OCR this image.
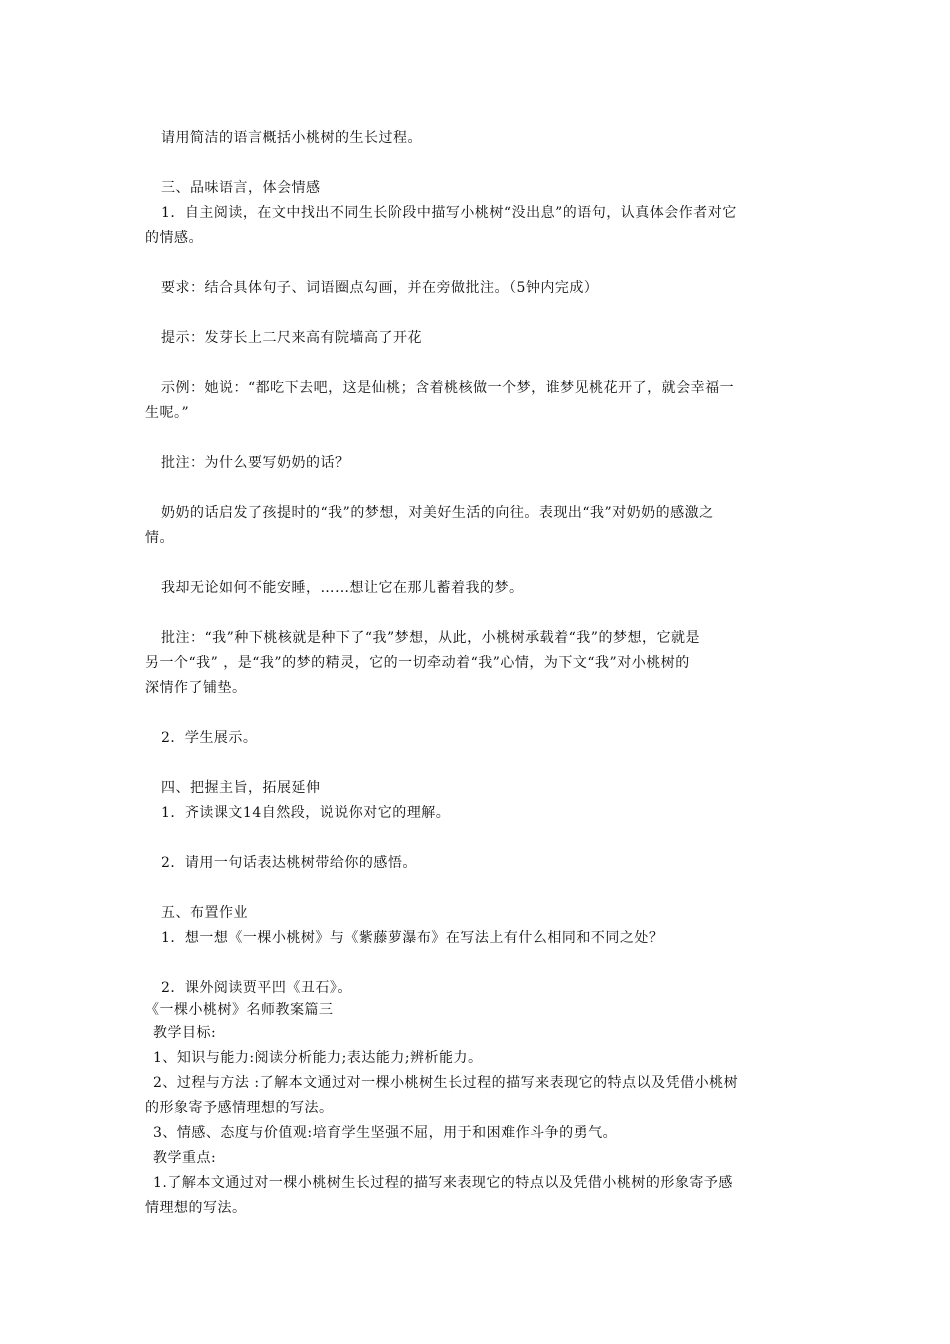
请用简洁的语言概括小桃树的生长过程。
三、品味语言，体会情感
1．自主阅读，在文中找出不同生长阶段中描写小桃树“没出息”的语句，认真体会作者对它
的情感。
要求：结合具体句子、词语圈点勾画，并在旁做批注。（5钟内完成）
提示：发芽长上二尺来高有院墙高了开花
示例：她说：“都吃下去吧，这是仙桃；含着桃核做一个梦，谁梦见桃花开了，就会幸福一
生呢。”
批注：为什么要写奶奶的话？
奶奶的话启发了孩提时的“我”的梦想，对美好生活的向往。表现出“我”对奶奶的感激之
情。
我却无论如何不能安睡，……想让它在那儿蓄着我的梦。
批注：“我”种下桃核就是种下了“我”梦想，从此，小桃树承载着“我”的梦想，它就是
另一个“我” ，是“我”的梦的精灵，它的一切牵动着“我”心情，为下文“我”对小桃树的
深情作了铺垫。
2．学生展示。
四、把握主旨，拓展延伸
1．齐读课文14自然段，说说你对它的理解。
2．请用一句话表达桃树带给你的感悟。
五、布置作业
1．想一想《一棵小桃树》与《紫藤萝瀑布》在写法上有什么相同和不同之处？
2．课外阅读贾平凹《丑石》。
《一棵小桃树》名师教案篇三
教学目标:
1、知识与能力:阅读分析能力;表达能力;辨析能力。
2、过程与方法 :了解本文通过对一棵小桃树生长过程的描写来表现它的特点以及凭借小桃树
的形象寄予感情理想的写法。
3、情感、态度与价值观:培育学生坚强不屈，用于和困难作斗争的勇气。
教学重点:
1.了解本文通过对一棵小桃树生长过程的描写来表现它的特点以及凭借小桃树的形象寄予感
情理想的写法。
